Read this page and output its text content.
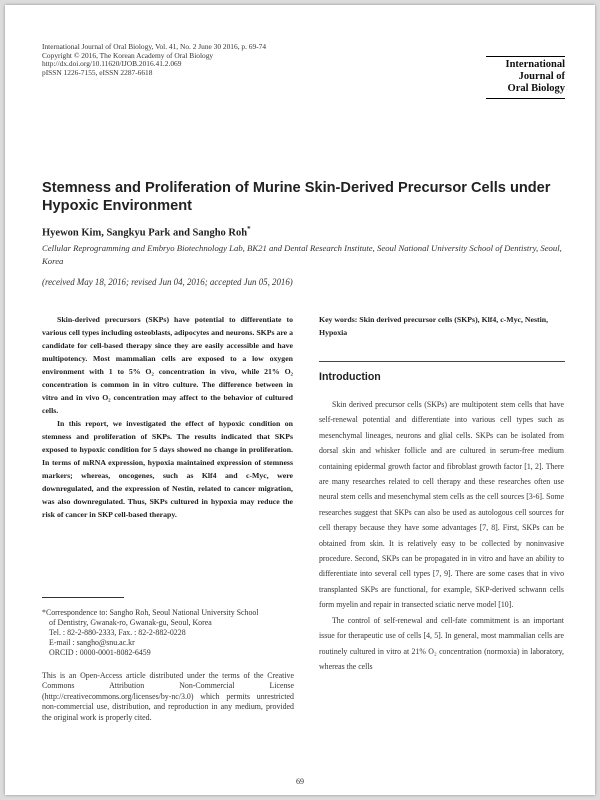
International Journal of Oral Biology, Vol. 41, No. 2 June 30 2016, p. 69-74
Copyright © 2016, The Korean Academy of Oral Biology
http://dx.doi.org/10.11620/IJOB.2016.41.2.069
pISSN 1226-7155, eISSN 2287-6618
International
Journal of
Oral Biology
Stemness and Proliferation of Murine Skin-Derived Precursor Cells under Hypoxic Environment
Hyewon Kim, Sangkyu Park and Sangho Roh*
Cellular Reprogramming and Embryo Biotechnology Lab, BK21 and Dental Research Institute, Seoul National University School of Dentistry, Seoul, Korea
(received May 18, 2016; revised Jun 04, 2016; accepted Jun 05, 2016)

Skin-derived precursors (SKPs) have potential to differentiate to various cell types including osteoblasts, adipocytes and neurons. SKPs are a candidate for cell-based therapy since they are easily accessible and have multipotency. Most mammalian cells are exposed to a low oxygen environment with 1 to 5% O₂ concentration in vivo, while 21% O₂ concentration is common in in vitro culture. The difference between in vitro and in vivo O₂ concentration may affect to the behavior of cultured cells.

In this report, we investigated the effect of hypoxic condition on stemness and proliferation of SKPs. The results indicated that SKPs exposed to hypoxic condition for 5 days showed no change in proliferation. In terms of mRNA expression, hypoxia maintained expression of stemness markers; whereas, oncogenes, such as Klf4 and c-Myc, were downregulated, and the expression of Nestin, related to cancer migration, was also downregulated. Thus, SKPs cultured in hypoxia may reduce the risk of cancer in SKP cell-based therapy.

*Correspondence to: Sangho Roh, Seoul National University School
of Dentistry, Gwanak-ro, Gwanak-gu, Seoul, Korea
Tel. : 82-2-880-2333, Fax. : 82-2-882-0228
E-mail : sangho@snu.ac.kr
ORCID : 0000-0001-8082-6459
This is an Open-Access article distributed under the terms of the Creative Commons Attribution Non-Commercial License (http://creativecommons.org/licenses/by-nc/3.0) which permits unrestricted non-commercial use, distribution, and reproduction in any medium, provided the original work is properly cited.
Key words: Skin derived precursor cells (SKPs), Klf4, c-Myc, Nestin, Hypoxia
Introduction

Skin derived precursor cells (SKPs) are multipotent stem cells that have self-renewal potential and differentiate into various cell types such as mesenchymal lineages, neurons and glial cells. SKPs can be isolated from dorsal skin and whisker follicle and are cultured in serum-free medium containing epidermal growth factor and fibroblast growth factor [1, 2]. There are many researches related to cell therapy and these researches often use neural stem cells and mesenchymal stem cells as the cell sources [3-6]. Some researches suggest that SKPs can also be used as autologous cell sources for cell therapy because they have some advantages [7, 8]. First, SKPs can be obtained from skin. It is relatively easy to be collected by noninvasive procedure. Second, SKPs can be propagated in in vitro and have an ability to differentiate into several cell types [7, 9]. There are some cases that in vivo transplanted SKPs are functional, for example, SKP-derived schwann cells form myelin and repair in transected sciatic nerve model [10].

The control of self-renewal and cell-fate commitment is an important issue for therapeutic use of cells [4, 5]. In general, most mammalian cells are routinely cultured in vitro at 21% O₂ concentration (normoxia) in laboratory, whereas the cells

69
